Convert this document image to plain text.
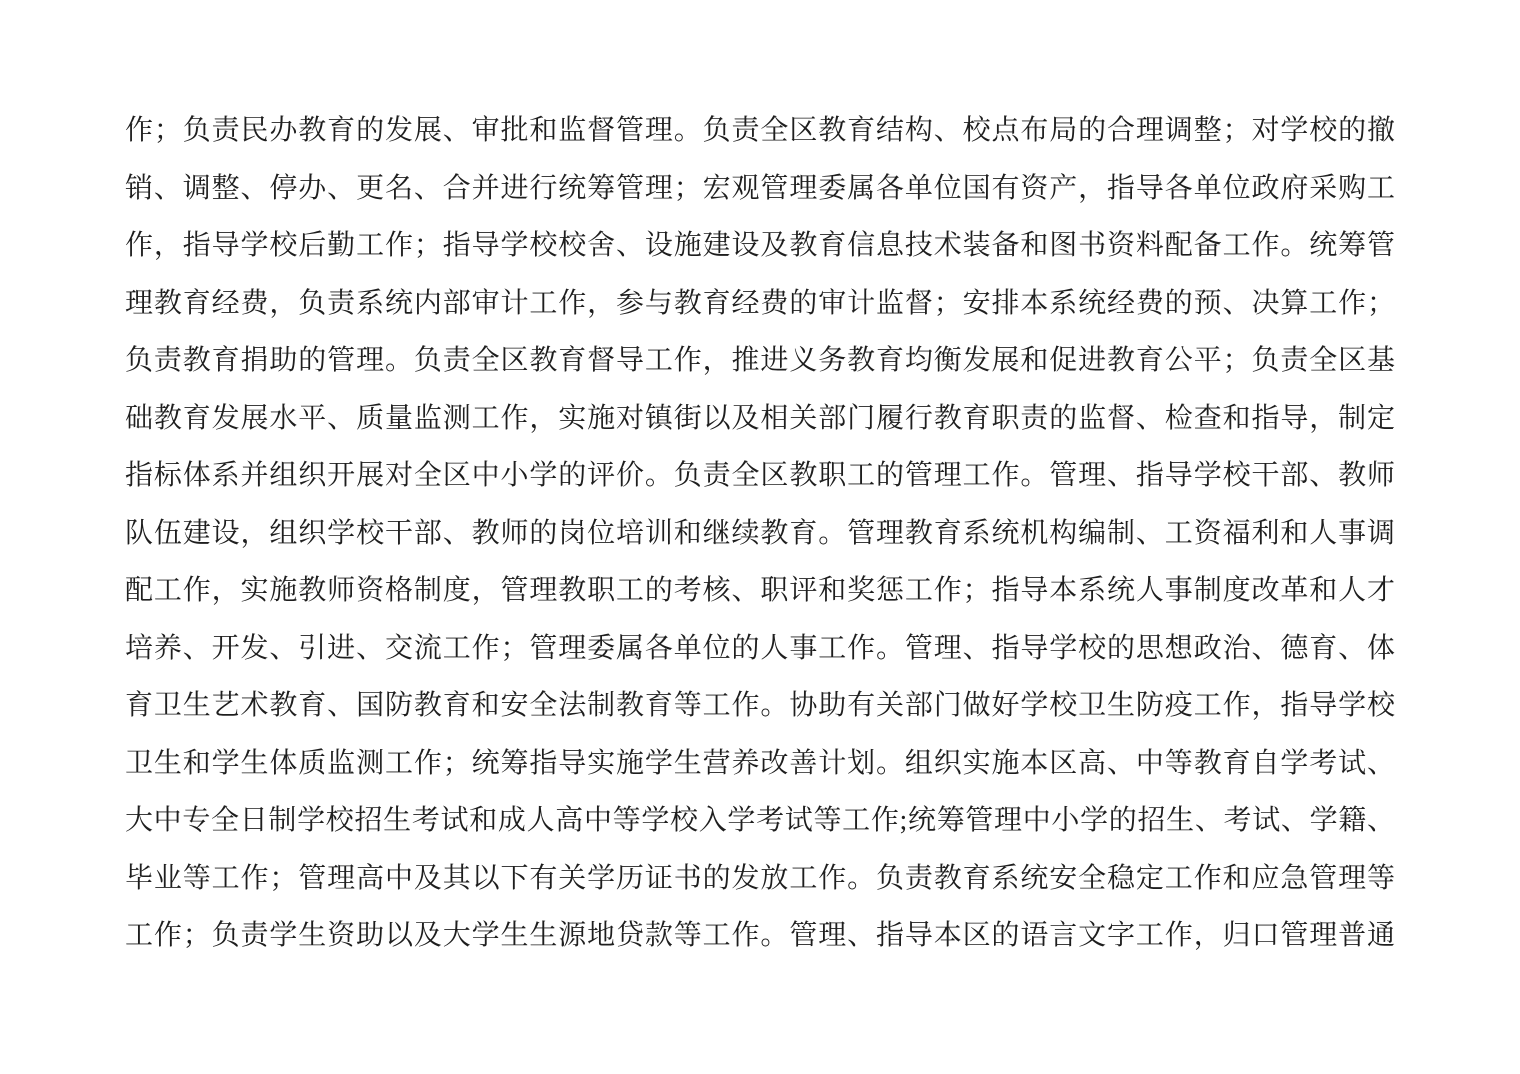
作；负责民办教育的发展、审批和监督管理。负责全区教育结构、校点布局的合理调整；对学校的撤
销、调整、停办、更名、合并进行统筹管理；宏观管理委属各单位国有资产，指导各单位政府采购工
作，指导学校后勤工作；指导学校校舍、设施建设及教育信息技术装备和图书资料配备工作。统筹管
理教育经费，负责系统内部审计工作，参与教育经费的审计监督；安排本系统经费的预、决算工作；
负责教育捐助的管理。负责全区教育督导工作，推进义务教育均衡发展和促进教育公平；负责全区基
础教育发展水平、质量监测工作，实施对镇街以及相关部门履行教育职责的监督、检查和指导，制定
指标体系并组织开展对全区中小学的评价。负责全区教职工的管理工作。管理、指导学校干部、教师
队伍建设，组织学校干部、教师的岗位培训和继续教育。管理教育系统机构编制、工资福利和人事调
配工作，实施教师资格制度，管理教职工的考核、职评和奖惩工作；指导本系统人事制度改革和人才
培养、开发、引进、交流工作；管理委属各单位的人事工作。管理、指导学校的思想政治、德育、体
育卫生艺术教育、国防教育和安全法制教育等工作。协助有关部门做好学校卫生防疫工作，指导学校
卫生和学生体质监测工作；统筹指导实施学生营养改善计划。组织实施本区高、中等教育自学考试、
大中专全日制学校招生考试和成人高中等学校入学考试等工作;统筹管理中小学的招生、考试、学籍、
毕业等工作；管理高中及其以下有关学历证书的发放工作。负责教育系统安全稳定工作和应急管理等
工作；负责学生资助以及大学生生源地贷款等工作。管理、指导本区的语言文字工作，归口管理普通
